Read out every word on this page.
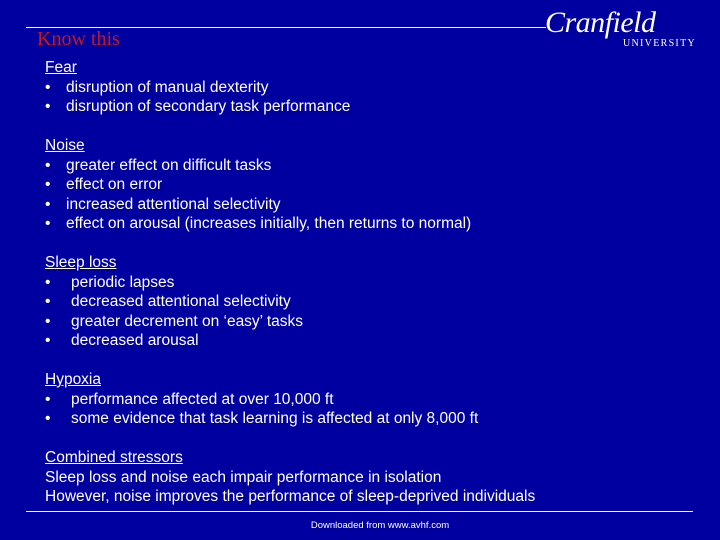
Know this	Cranfield
UNIVERSITY
Fear
•	disruption of manual dexterity
•	disruption of secondary task performance
Noise
•	greater effect on difficult tasks
•	effect on error
•	increased attentional selectivity
•	effect on arousal (increases initially, then returns to normal)
Sleep loss
•	periodic lapses
•	decreased attentional selectivity
•	greater decrement on ‘easy’ tasks
•	decreased arousal
Hypoxia
•	performance affected at over 10,000 ft
•	some evidence that task learning is affected at only 8,000 ft
Combined stressors
Sleep loss and noise each impair performance in isolation
However, noise improves the performance of sleep-deprived individuals
Downloaded from www.avhf.com
